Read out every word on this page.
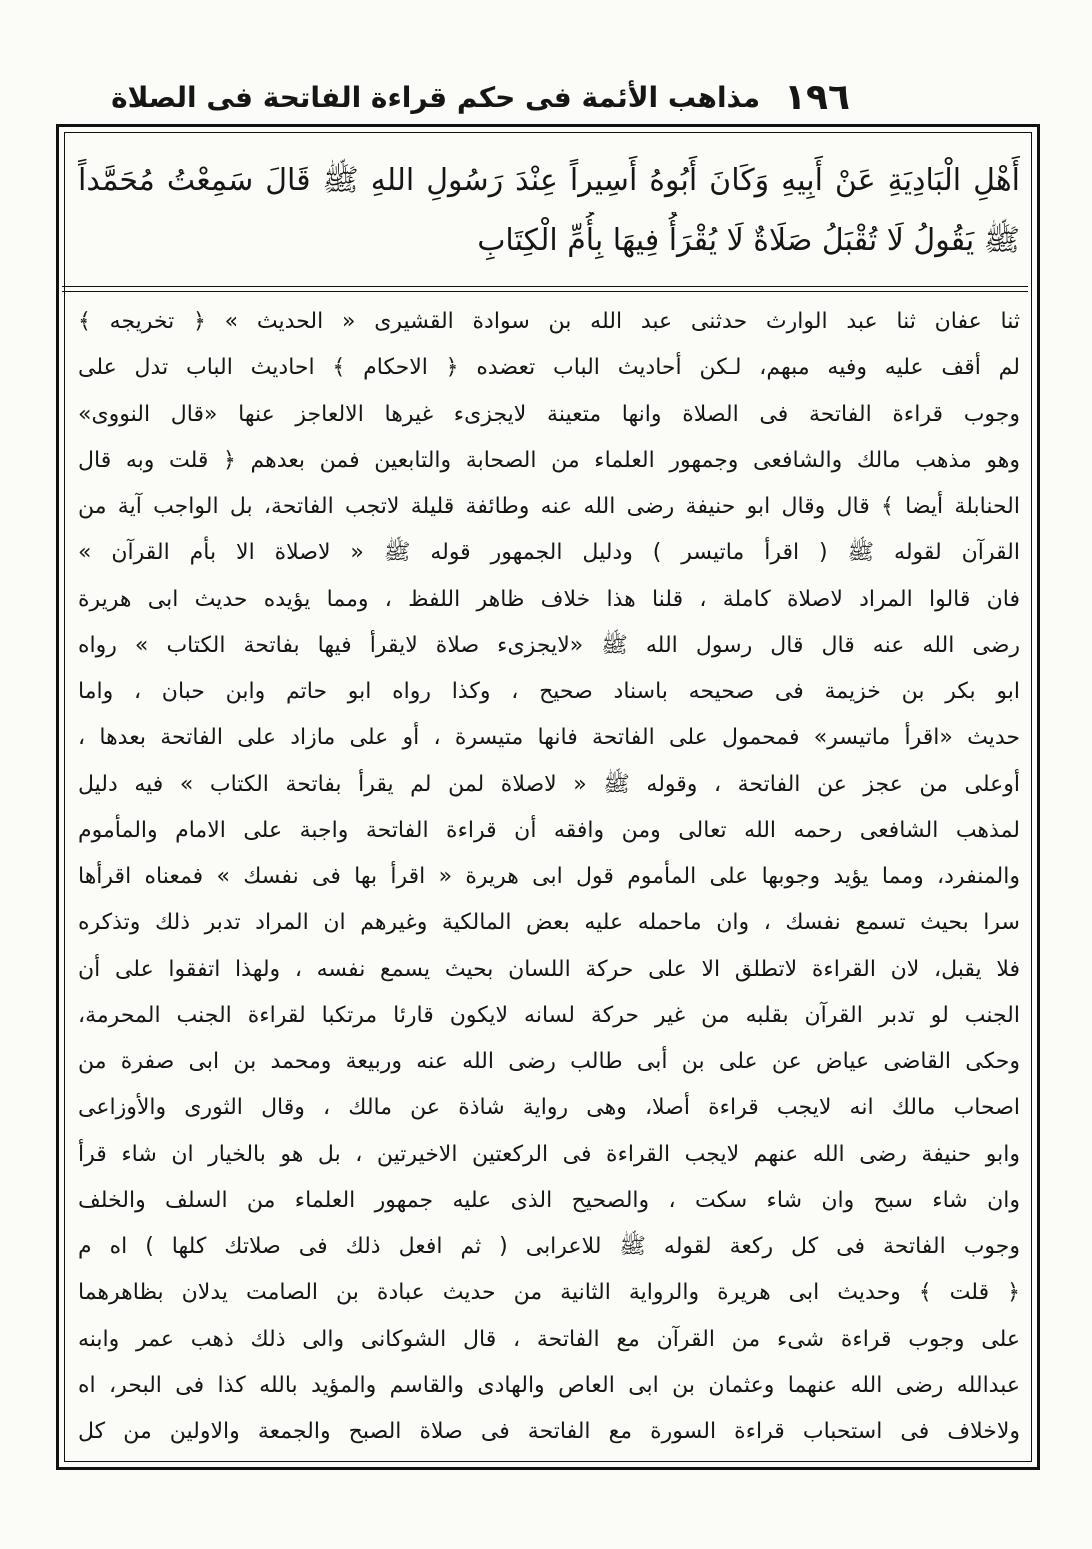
١٩٦
مذاهب الأئمة فى حكم قراءة الفاتحة فى الصلاة
أَهْلِ الْبَادِيَةِ عَنْ أَبِيهِ وَكَانَ أَبُوهُ أَسِيراً عِنْدَ رَسُولِ اللهِ ﷺ قَالَ سَمِعْتُ مُحَمَّداً
ﷺ يَقُولُ لَا تُقْبَلُ صَلَاةٌ لَا يُقْرَأُ فِيهَا بِأُمِّ الْكِتَابِ
ثنا عفان ثنا عبد الوارث حدثنى عبد الله بن سوادة القشيرى « الحديث » ﴿ تخريجه ﴾
لم أقف عليه وفيه مبهم، لـكن أحاديث الباب تعضده ﴿ الاحكام ﴾ احاديث الباب تدل على
وجوب قراءة الفاتحة فى الصلاة وانها متعينة لايجزىء غيرها الالعاجز عنها «قال النووى»
وهو مذهب مالك والشافعى وجمهور العلماء من الصحابة والتابعين فمن بعدهم ﴿ قلت وبه قال
الحنابلة أيضا ﴾ قال وقال ابو حنيفة رضى الله عنه وطائفة قليلة لاتجب الفاتحة، بل الواجب آية من
القرآن لقوله ﷺ ( اقرأ ماتيسر ) ودليل الجمهور قوله ﷺ « لاصلاة الا بأم القرآن »
فان قالوا المراد لاصلاة كاملة ، قلنا هذا خلاف ظاهر اللفظ ، ومما يؤيده حديث ابى هريرة
رضى الله عنه قال قال رسول الله ﷺ «لايجزىء صلاة لايقرأ فيها بفاتحة الكتاب » رواه
ابو بكر بن خزيمة فى صحيحه باسناد صحيح ، وكذا رواه ابو حاتم وابن حبان ، واما
حديث «اقرأ ماتيسر» فمحمول على الفاتحة فانها متيسرة ، أو على مازاد على الفاتحة بعدها ،
أوعلى من عجز عن الفاتحة ، وقوله ﷺ « لاصلاة لمن لم يقرأ بفاتحة الكتاب » فيه دليل
لمذهب الشافعى رحمه الله تعالى ومن وافقه أن قراءة الفاتحة واجبة على الامام والمأموم
والمنفرد، ومما يؤيد وجوبها على المأموم قول ابى هريرة « اقرأ بها فى نفسك » فمعناه اقرأها
سرا بحيث تسمع نفسك ، وان ماحمله عليه بعض المالكية وغيرهم ان المراد تدبر ذلك وتذكره
فلا يقبل، لان القراءة لاتطلق الا على حركة اللسان بحيث يسمع نفسه ، ولهذا اتفقوا على أن
الجنب لو تدبر القرآن بقلبه من غير حركة لسانه لايكون قارئا مرتكبا لقراءة الجنب المحرمة،
وحكى القاضى عياض عن على بن أبى طالب رضى الله عنه وربيعة ومحمد بن ابى صفرة من
اصحاب مالك انه لايجب قراءة أصلا، وهى رواية شاذة عن مالك ، وقال الثورى والأوزاعى
وابو حنيفة رضى الله عنهم لايجب القراءة فى الركعتين الاخيرتين ، بل هو بالخيار ان شاء قرأ
وان شاء سبح وان شاء سكت ، والصحيح الذى عليه جمهور العلماء من السلف والخلف
وجوب الفاتحة فى كل ركعة لقوله ﷺ للاعرابى ( ثم افعل ذلك فى صلاتك كلها ) اه م
﴿ قلت ﴾ وحديث ابى هريرة والرواية الثانية من حديث عبادة بن الصامت يدلان بظاهرهما
على وجوب قراءة شىء من القرآن مع الفاتحة ، قال الشوكانى والى ذلك ذهب عمر وابنه
عبدالله رضى الله عنهما وعثمان بن ابى العاص والهادى والقاسم والمؤيد بالله كذا فى البحر، اه
ولاخلاف فى استحباب قراءة السورة مع الفاتحة فى صلاة الصبح والجمعة والاولين من كل
